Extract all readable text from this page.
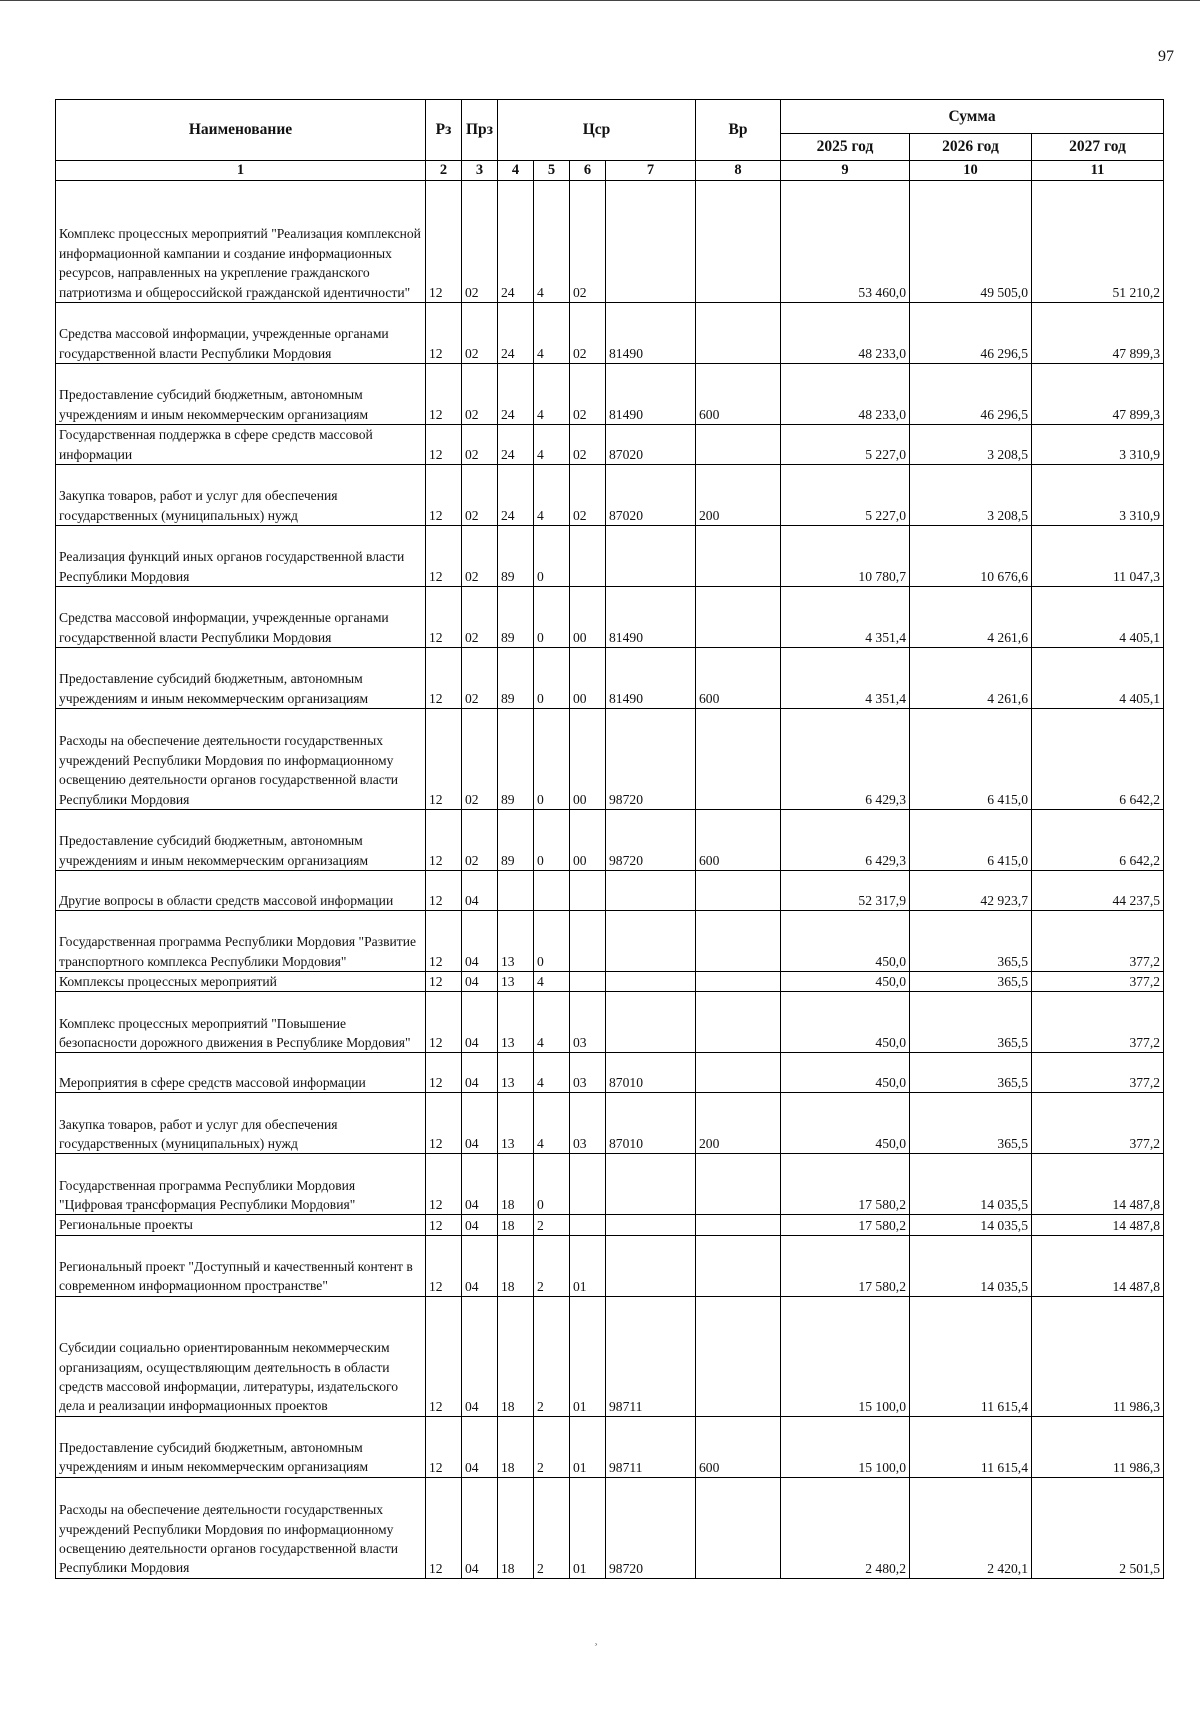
97
Наименование	Рз	Прз	Цср				Вр	Сумма		
								2025 год	2026 год	2027 год
1	2	3	4	5	6	7	8	9	10	11
Комплекс процессных мероприятий "Реализация комплексной информационной кампании и создание информационных ресурсов, направленных на укрепление гражданского патриотизма и общероссийской гражданской идентичности"	12	02	24	4	02			53 460,0	49 505,0	51 210,2
Средства массовой информации, учрежденные органами государственной власти Республики Мордовия	12	02	24	4	02	81490		48 233,0	46 296,5	47 899,3
Предоставление субсидий бюджетным, автономным учреждениям и иным некоммерческим организациям	12	02	24	4	02	81490	600	48 233,0	46 296,5	47 899,3
Государственная поддержка в сфере средств массовой информации	12	02	24	4	02	87020		5 227,0	3 208,5	3 310,9
Закупка товаров, работ и услуг для обеспечения государственных (муниципальных) нужд	12	02	24	4	02	87020	200	5 227,0	3 208,5	3 310,9
Реализация функций иных органов государственной власти Республики Мордовия	12	02	89	0				10 780,7	10 676,6	11 047,3
Средства массовой информации, учрежденные органами государственной власти Республики Мордовия	12	02	89	0	00	81490		4 351,4	4 261,6	4 405,1
Предоставление субсидий бюджетным, автономным учреждениям и иным некоммерческим организациям	12	02	89	0	00	81490	600	4 351,4	4 261,6	4 405,1
Расходы на обеспечение деятельности государственных учреждений Республики Мордовия по информационному освещению деятельности органов государственной власти Республики Мордовия	12	02	89	0	00	98720		6 429,3	6 415,0	6 642,2
Предоставление субсидий бюджетным, автономным учреждениям и иным некоммерческим организациям	12	02	89	0	00	98720	600	6 429,3	6 415,0	6 642,2
Другие вопросы в области средств массовой информации	12	04						52 317,9	42 923,7	44 237,5
Государственная программа Республики Мордовия "Развитие транспортного комплекса Республики Мордовия"	12	04	13	0				450,0	365,5	377,2
Комплексы процессных мероприятий	12	04	13	4				450,0	365,5	377,2
Комплекс процессных мероприятий "Повышение безопасности дорожного движения в Республике Мордовия"	12	04	13	4	03			450,0	365,5	377,2
Мероприятия в сфере средств массовой информации	12	04	13	4	03	87010		450,0	365,5	377,2
Закупка товаров, работ и услуг для обеспечения государственных (муниципальных) нужд	12	04	13	4	03	87010	200	450,0	365,5	377,2
Государственная программа Республики Мордовия "Цифровая трансформация Республики Мордовия"	12	04	18	0				17 580,2	14 035,5	14 487,8
Региональные проекты	12	04	18	2				17 580,2	14 035,5	14 487,8
Региональный проект "Доступный и качественный контент в современном информационном пространстве"	12	04	18	2	01			17 580,2	14 035,5	14 487,8
Субсидии социально ориентированным некоммерческим организациям, осуществляющим деятельность в области средств массовой информации, литературы, издательского дела и реализации информационных проектов	12	04	18	2	01	98711		15 100,0	11 615,4	11 986,3
Предоставление субсидий бюджетным, автономным учреждениям и иным некоммерческим организациям	12	04	18	2	01	98711	600	15 100,0	11 615,4	11 986,3
Расходы на обеспечение деятельности государственных учреждений Республики Мордовия по информационному освещению деятельности органов государственной власти Республики Мордовия	12	04	18	2	01	98720		2 480,2	2 420,1	2 501,5
¸
